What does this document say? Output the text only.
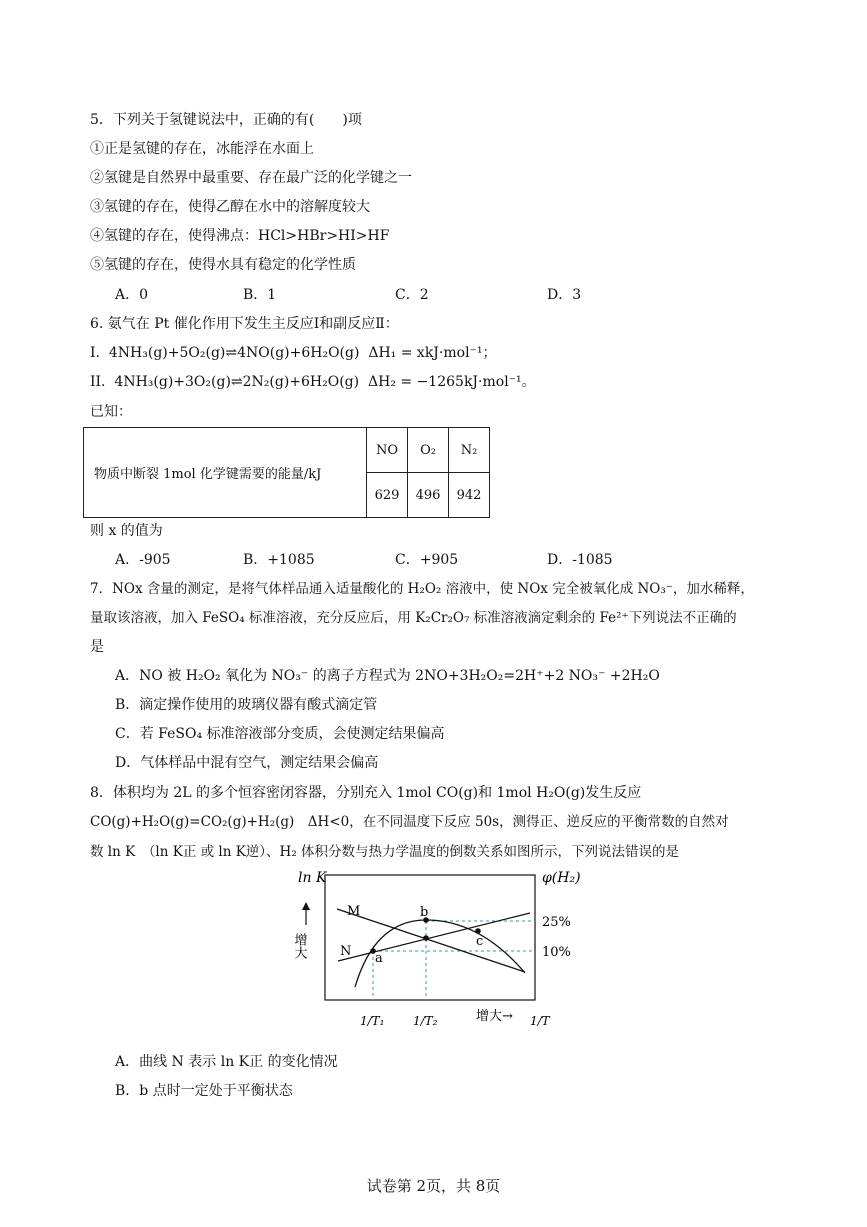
5．下列关于氢键说法中，正确的有(　　)项
①正是氢键的存在，冰能浮在水面上
②氢键是自然界中最重要、存在最广泛的化学键之一
③氢键的存在，使得乙醇在水中的溶解度较大
④氢键的存在，使得沸点：HCl>HBr>HI>HF
⑤氢键的存在，使得水具有稳定的化学性质
A．0	B．1	C．2	D．3
6. 氨气在 Pt 催化作用下发生主反应Ⅰ和副反应Ⅱ：
I. 4NH₃(g)+5O₂(g)⇌4NO(g)+6H₂O(g) ΔH₁ = xkJ·mol⁻¹；
II. 4NH₃(g)+3O₂(g)⇌2N₂(g)+6H₂O(g) ΔH₂ = −1265kJ·mol⁻¹。
已知：
物质中断裂 1mol 化学键需要的能量/kJ	NO	O₂	N₂
	629	496	942
则 x 的值为
A．-905	B．+1085	C．+905	D．-1085
7．NOx 含量的测定，是将气体样品通入适量酸化的 H₂O₂ 溶液中，使 NOx 完全被氧化成 NO₃⁻，加水稀释，
量取该溶液，加入 FeSO₄ 标准溶液，充分反应后，用 K₂Cr₂O₇ 标准溶液滴定剩余的 Fe²⁺下列说法不正确的
是
A．NO 被 H₂O₂ 氧化为 NO₃⁻ 的离子方程式为 2NO+3H₂O₂=2H⁺+2 NO₃⁻ +2H₂O
B．滴定操作使用的玻璃仪器有酸式滴定管
C．若 FeSO₄ 标准溶液部分变质，会使测定结果偏高
D．气体样品中混有空气，测定结果会偏高
8．体积均为 2L 的多个恒容密闭容器，分别充入 1mol CO(g)和 1mol H₂O(g)发生反应
CO(g)+H₂O(g)=CO₂(g)+H₂(g)　ΔH<0，在不同温度下反应 50s，测得正、逆反应的平衡常数的自然对
数 ln K　（ln K正 或 ln K逆）、H₂ 体积分数与热力学温度的倒数关系如图所示，下列说法错误的是
ln K
增大
φ(H₂)
M
N a
b
c
25%
10%
1/T₁ 1/T₂	增大→ 1/T
A．曲线 N 表示 ln K正 的变化情况
B．b 点时一定处于平衡状态
试卷第 2页，共 8页
